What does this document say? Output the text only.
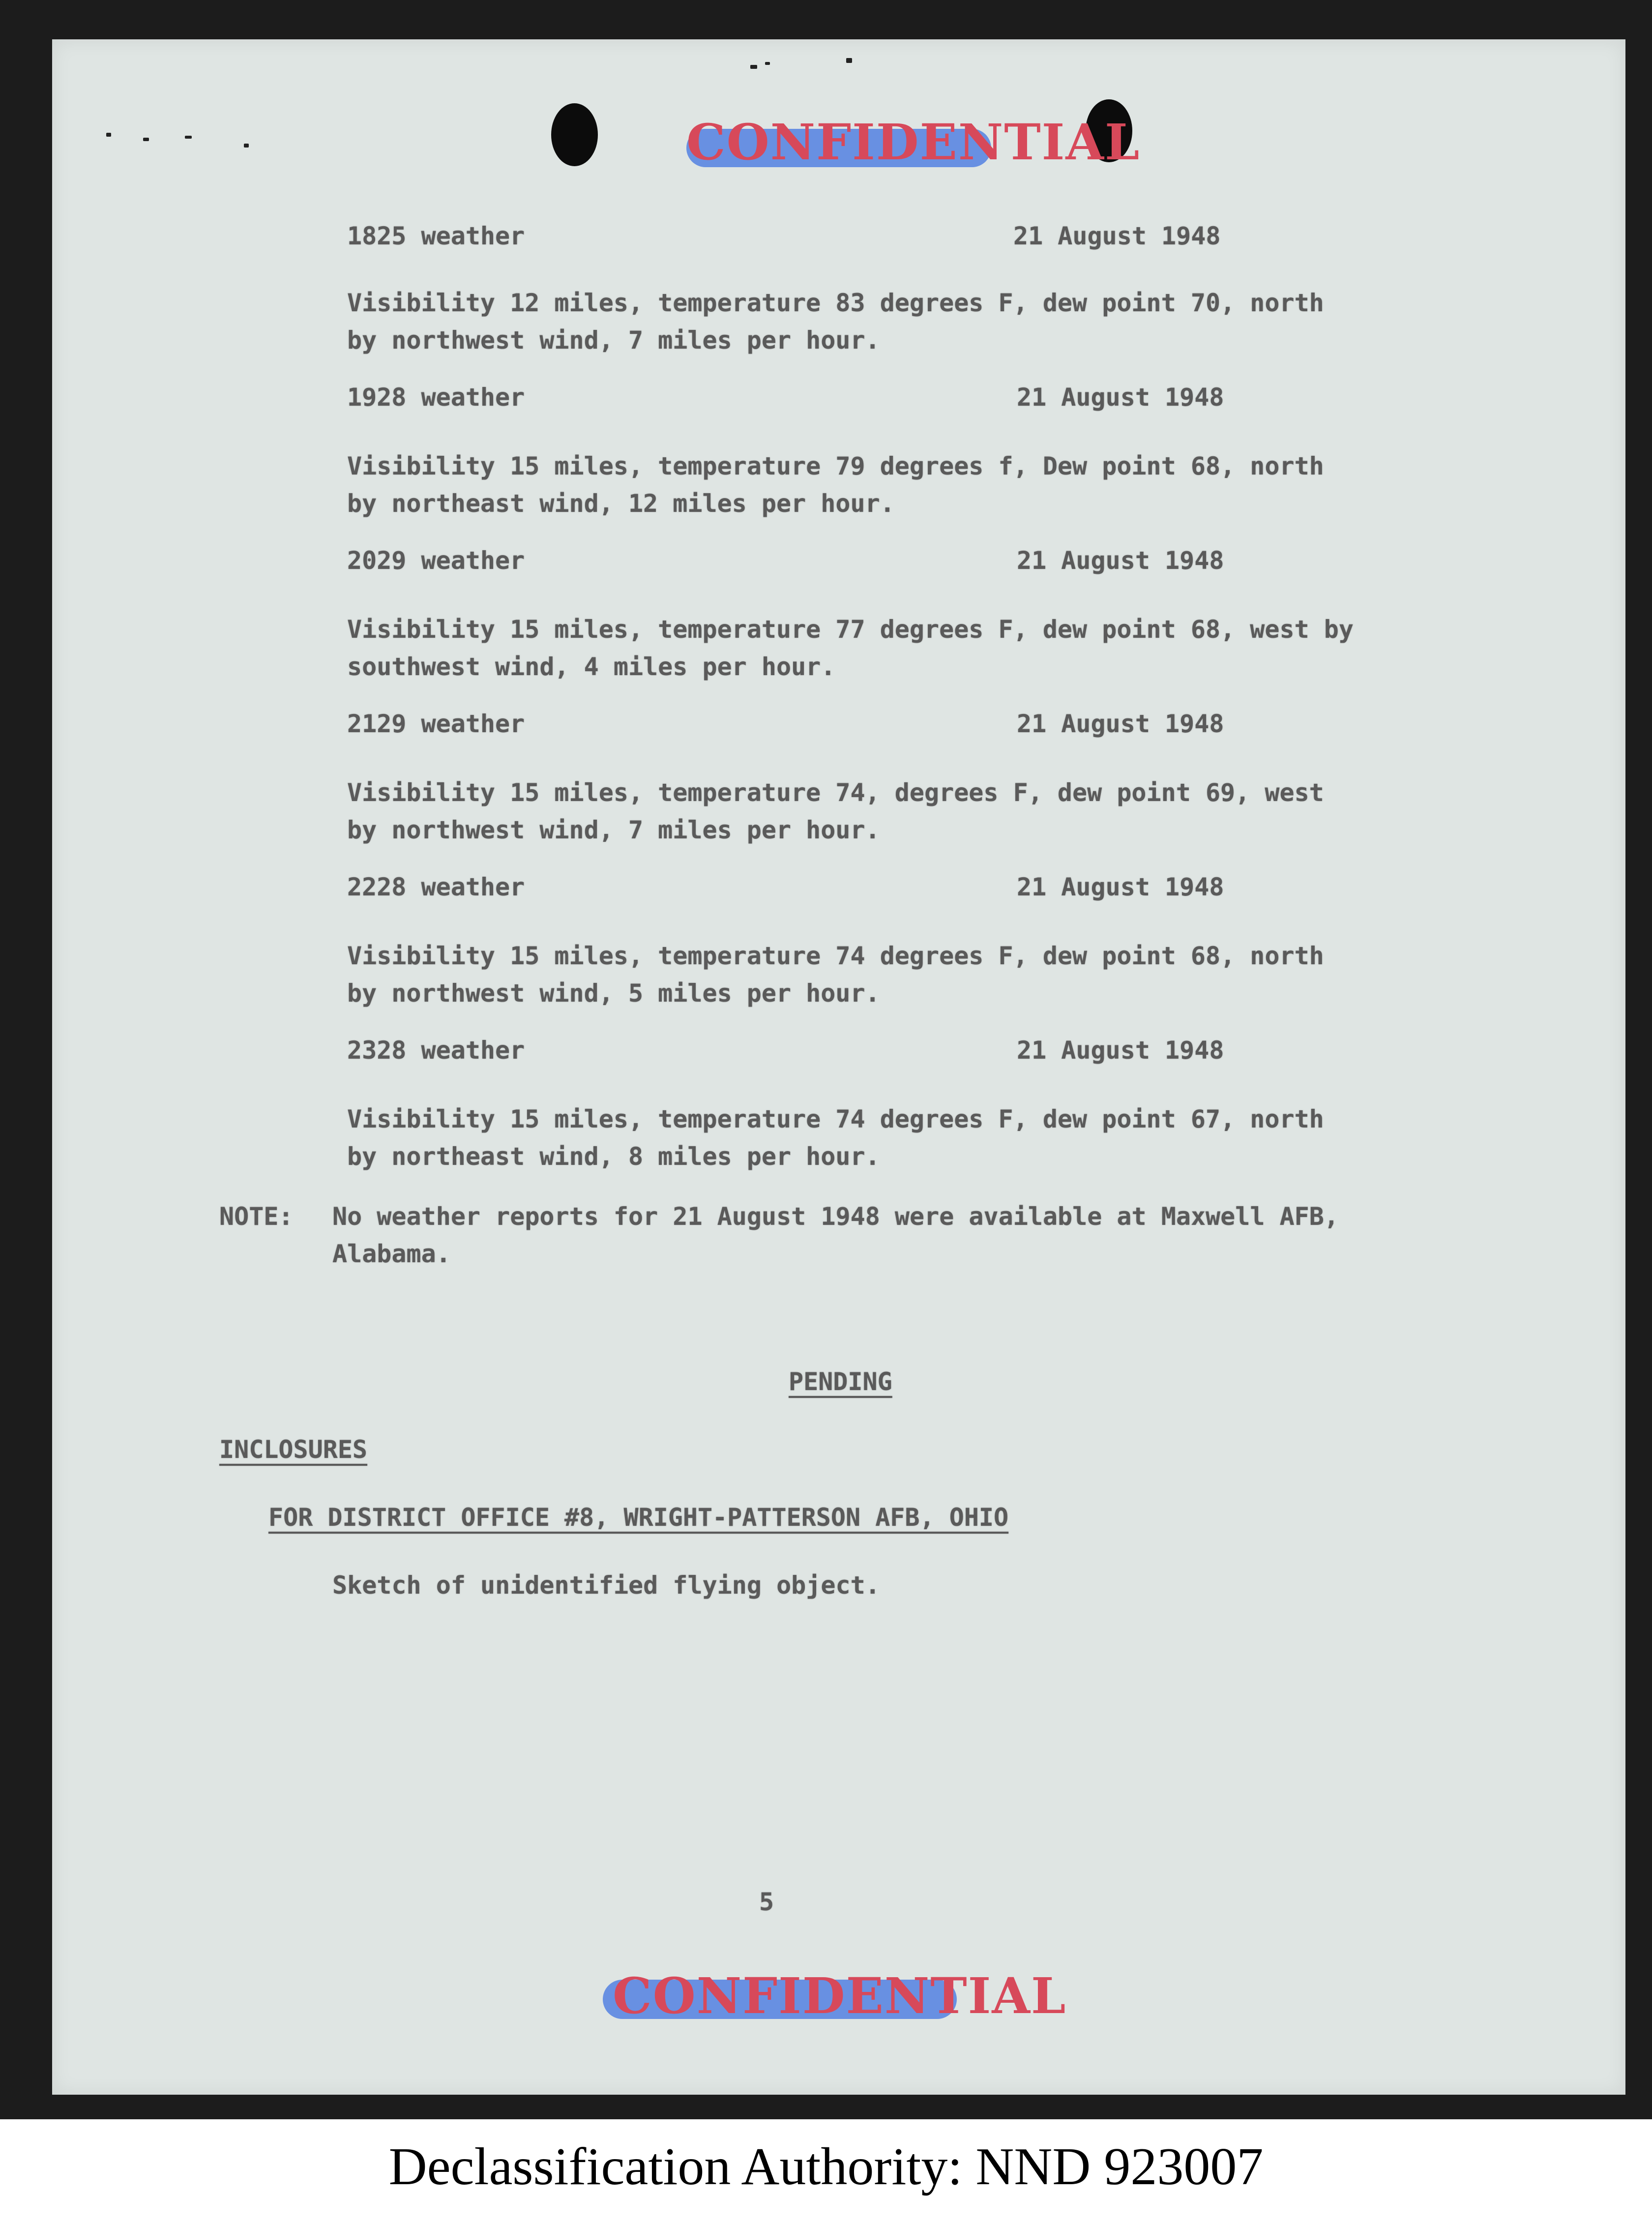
CONFIDENTIAL
1825 weather	21 August 1948
Visibility 12 miles, temperature 83 degrees F, dew point 70, north
by northwest wind, 7 miles per hour.
1928 weather	21 August 1948
Visibility 15 miles, temperature 79 degrees f, Dew point 68, north
by northeast wind, 12 miles per hour.
2029 weather	21 August 1948
Visibility 15 miles, temperature 77 degrees F, dew point 68, west by
southwest wind, 4 miles per hour.
2129 weather	21 August 1948
Visibility 15 miles, temperature 74, degrees F, dew point 69, west
by northwest wind, 7 miles per hour.
2228 weather	21 August 1948
Visibility 15 miles, temperature 74 degrees F, dew point 68, north
by northwest wind, 5 miles per hour.
2328 weather	21 August 1948
Visibility 15 miles, temperature 74 degrees F, dew point 67, north
by northeast wind, 8 miles per hour.
NOTE: No weather reports for 21 August 1948 were available at Maxwell AFB,
Alabama.
PENDING
INCLOSURES
FOR DISTRICT OFFICE #8, WRIGHT-PATTERSON AFB, OHIO
Sketch of unidentified flying object.
5
CONFIDENTIAL
Declassification Authority: NND 923007
